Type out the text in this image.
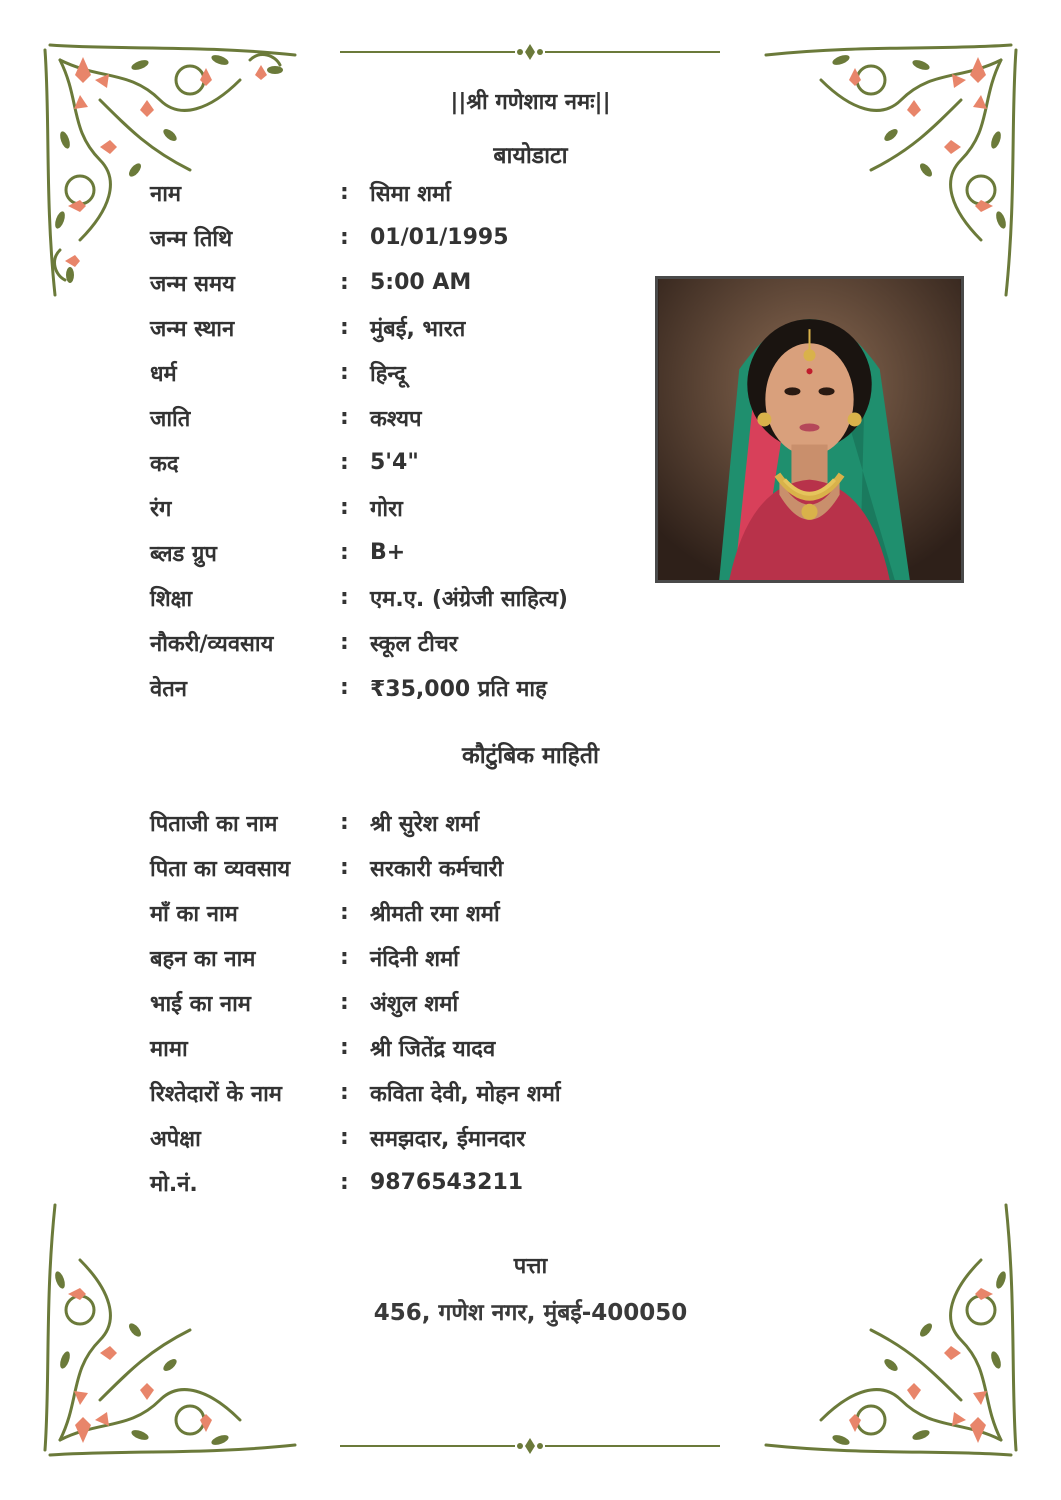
||श्री गणेशाय नमः||
बायोडाटा
नाम	: सिमा शर्मा
जन्म तिथि	: 01/01/1995
जन्म समय	: 5:00 AM
जन्म स्थान	: मुंबई, भारत
धर्म	: हिन्दू
जाति	: कश्यप
कद	: 5'4"
रंग	: गोरा
ब्लड ग्रुप	: B+
शिक्षा	: एम.ए. (अंग्रेजी साहित्य)
नौकरी/व्यवसाय	: स्कूल टीचर
वेतन	: ₹35,000 प्रति माह
कौटुंबिक माहिती
पिताजी का नाम	: श्री सुरेश शर्मा
पिता का व्यवसाय	: सरकारी कर्मचारी
माँ का नाम	: श्रीमती रमा शर्मा
बहन का नाम	: नंदिनी शर्मा
भाई का नाम	: अंशुल शर्मा
मामा	: श्री जितेंद्र यादव
रिश्तेदारों के नाम	: कविता देवी, मोहन शर्मा
अपेक्षा	: समझदार, ईमानदार
मो.नं.	: 9876543211
पत्ता
456, गणेश नगर, मुंबई-400050
